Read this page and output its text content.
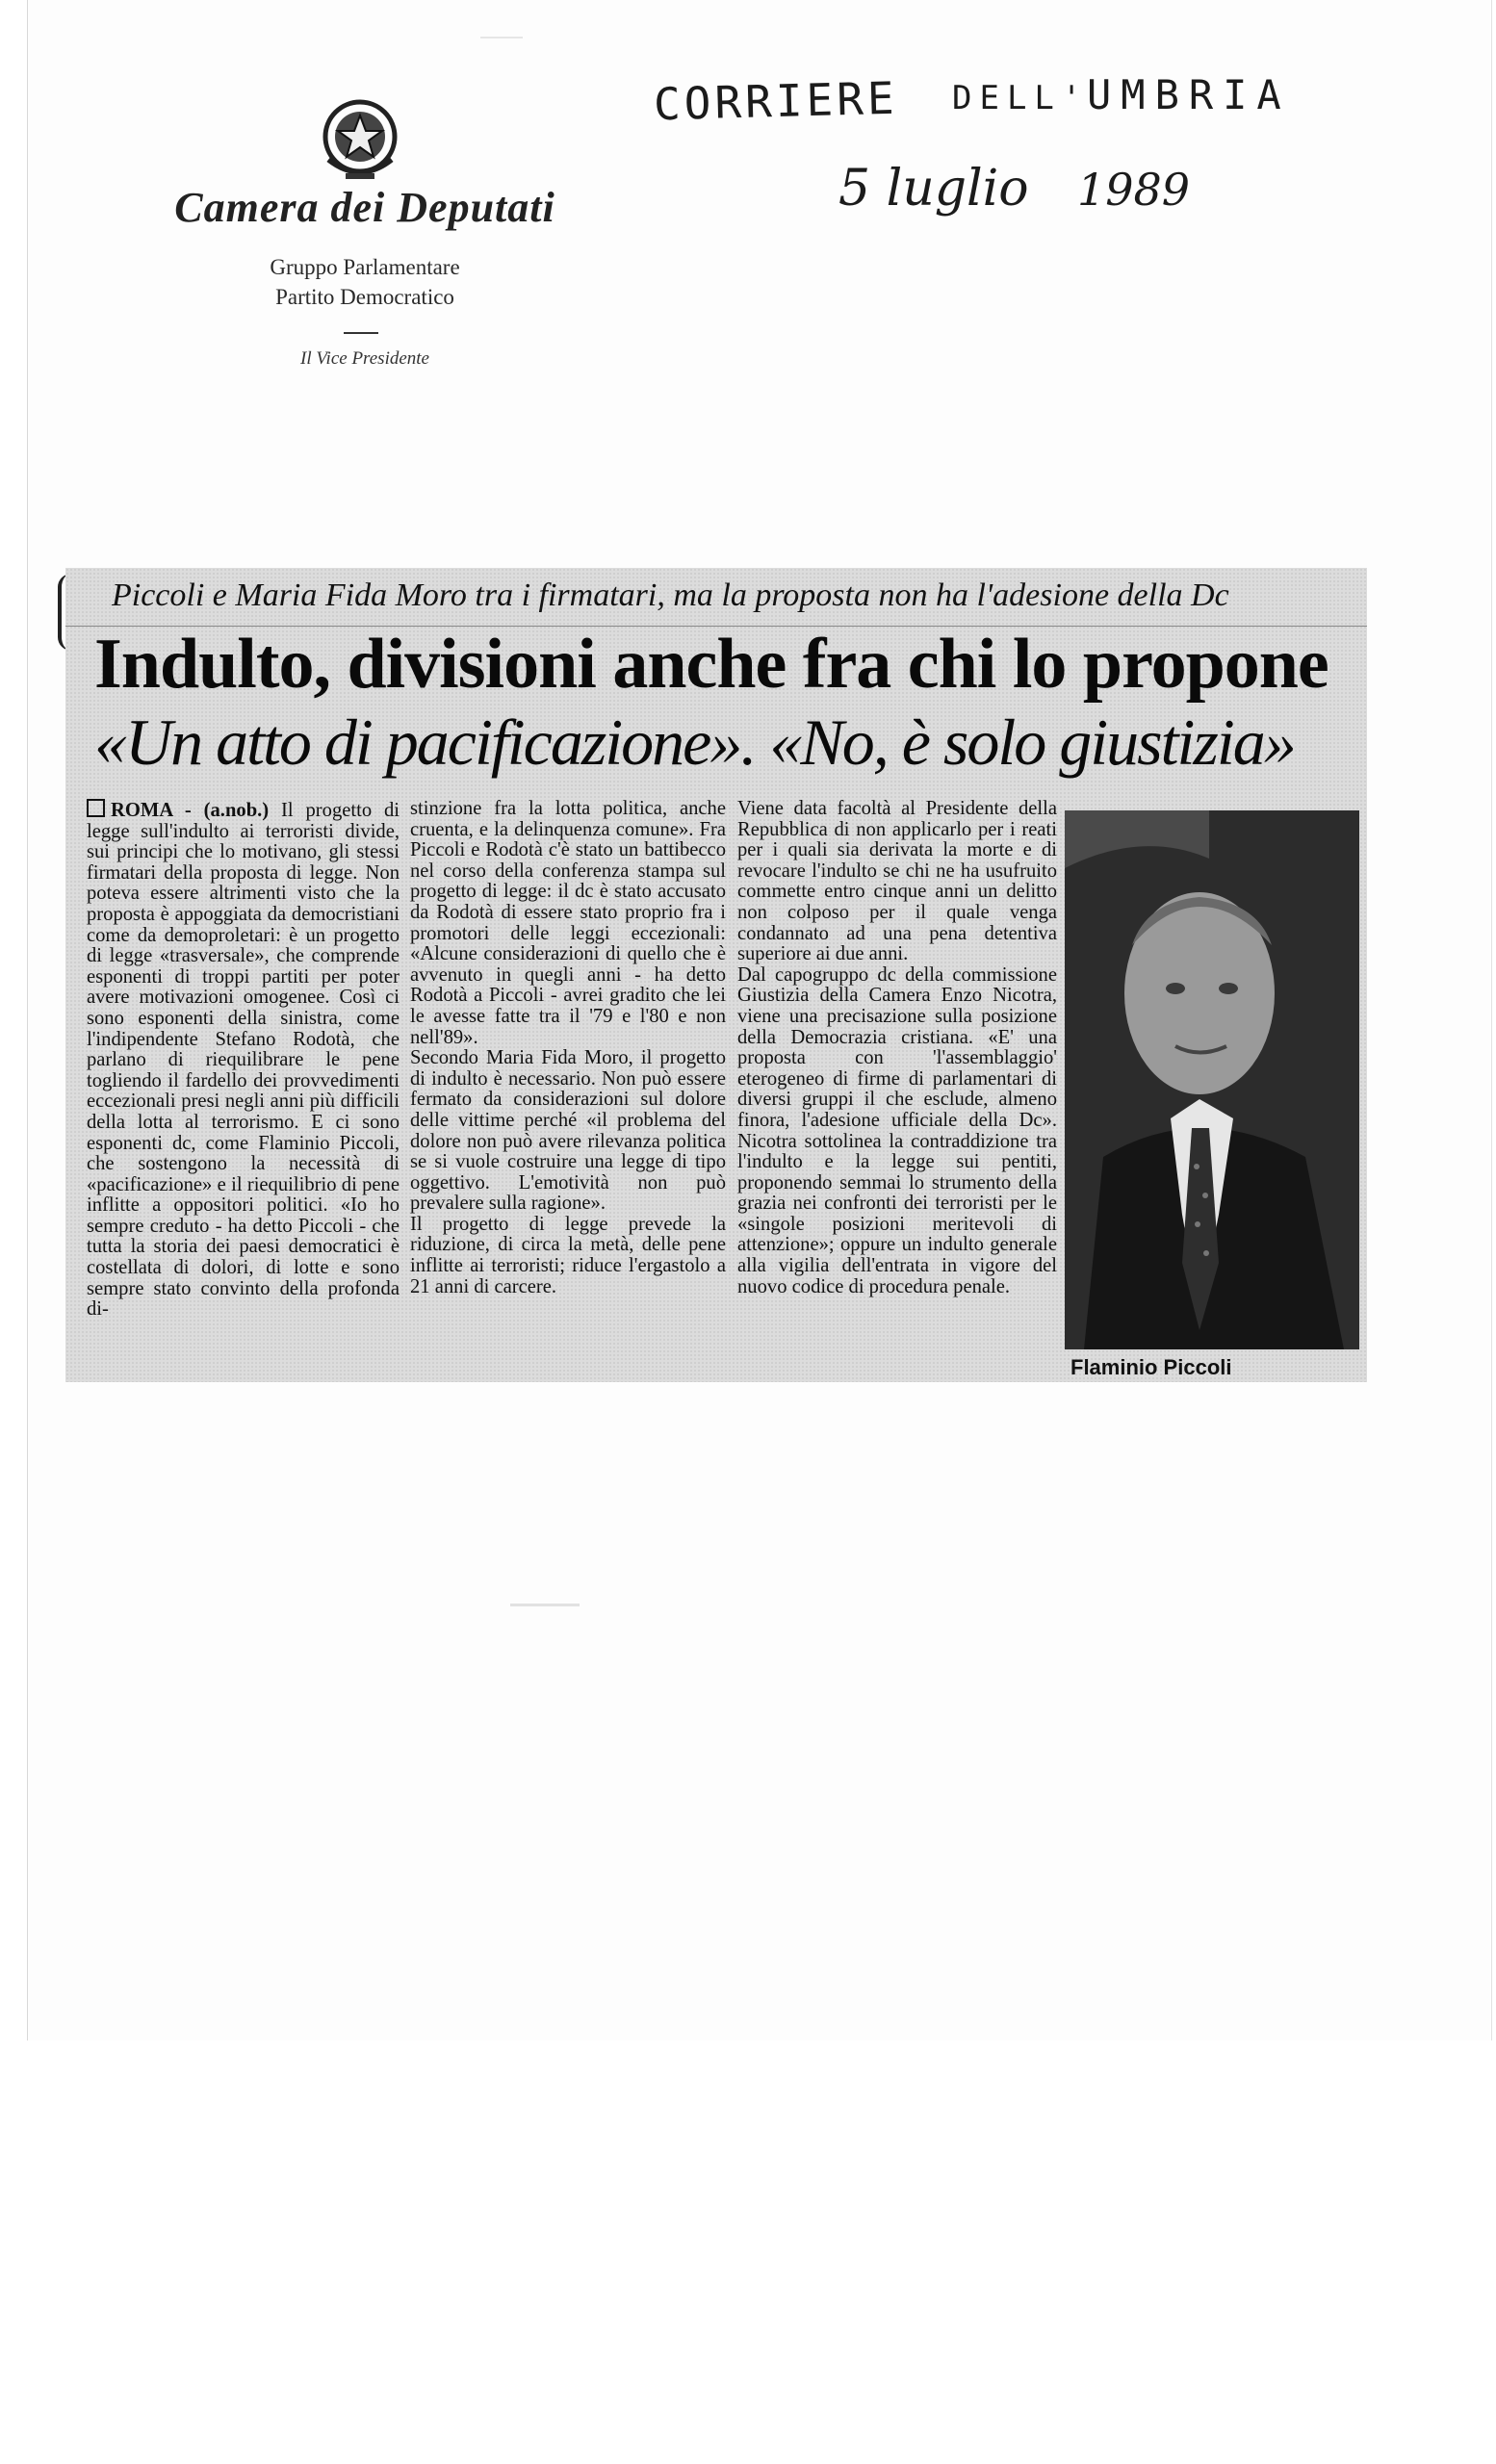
Camera dei Deputati
Gruppo Parlamentare
Partito Democratico
Il Vice Presidente
CORRIERE DELL'
UMBRIA
5 luglio 1989
Piccoli e Maria Fida Moro tra i firmatari, ma la proposta non ha l'adesione della Dc
Indulto, divisioni anche fra chi lo propone
«Un atto di pacificazione». «No, è solo giustizia»

ROMA - (a.nob.) Il progetto di legge sull'indulto ai terroristi divide, sui principi che lo motivano, gli stessi firmatari della proposta di legge. Non poteva essere altrimenti visto che la proposta è appoggiata da democristiani come da demoproletari: è un progetto di legge «trasversale», che comprende esponenti di troppi partiti per poter avere motivazioni omogenee. Così ci sono esponenti della sinistra, come l'indipendente Stefano Rodotà, che parlano di riequilibrare le pene togliendo il fardello dei provvedimenti eccezionali presi negli anni più difficili della lotta al terrorismo. E ci sono esponenti dc, come Flaminio Piccoli, che sostengono la necessità di «pacificazione» e il riequilibrio di pene inflitte a oppositori politici. «Io ho sempre creduto - ha detto Piccoli - che tutta la storia dei paesi democratici è costellata di dolori, di lotte e sono sempre stato convinto della profonda di-

stinzione fra la lotta politica, anche cruenta, e la delinquenza comune». Fra Piccoli e Rodotà c'è stato un battibecco nel corso della conferenza stampa sul progetto di legge: il dc è stato accusato da Rodotà di essere stato proprio fra i promotori delle leggi eccezionali: «Alcune considerazioni di quello che è avvenuto in quegli anni - ha detto Rodotà a Piccoli - avrei gradito che lei le avesse fatte tra il '79 e l'80 e non nell'89».

Secondo Maria Fida Moro, il progetto di indulto è necessario. Non può essere fermato da considerazioni sul dolore delle vittime perché «il problema del dolore non può avere rilevanza politica se si vuole costruire una legge di tipo oggettivo. L'emotività non può prevalere sulla ragione».

Il progetto di legge prevede la riduzione, di circa la metà, delle pene inflitte ai terroristi; riduce l'ergastolo a 21 anni di carcere.

Viene data facoltà al Presidente della Repubblica di non applicarlo per i reati per i quali sia derivata la morte e di revocare l'indulto se chi ne ha usufruito commette entro cinque anni un delitto non colposo per il quale venga condannato ad una pena detentiva superiore ai due anni.

Dal capogruppo dc della commissione Giustizia della Camera Enzo Nicotra, viene una precisazione sulla posizione della Democrazia cristiana. «E' una proposta con 'l'assemblaggio' eterogeneo di firme di parlamentari di diversi gruppi il che esclude, almeno finora, l'adesione ufficiale della Dc». Nicotra sottolinea la contraddizione tra l'indulto e la legge sui pentiti, proponendo semmai lo strumento della grazia nei confronti dei terroristi per le «singole posizioni meritevoli di attenzione»; oppure un indulto generale alla vigilia dell'entrata in vigore del nuovo codice di procedura penale.

Flaminio Piccoli
